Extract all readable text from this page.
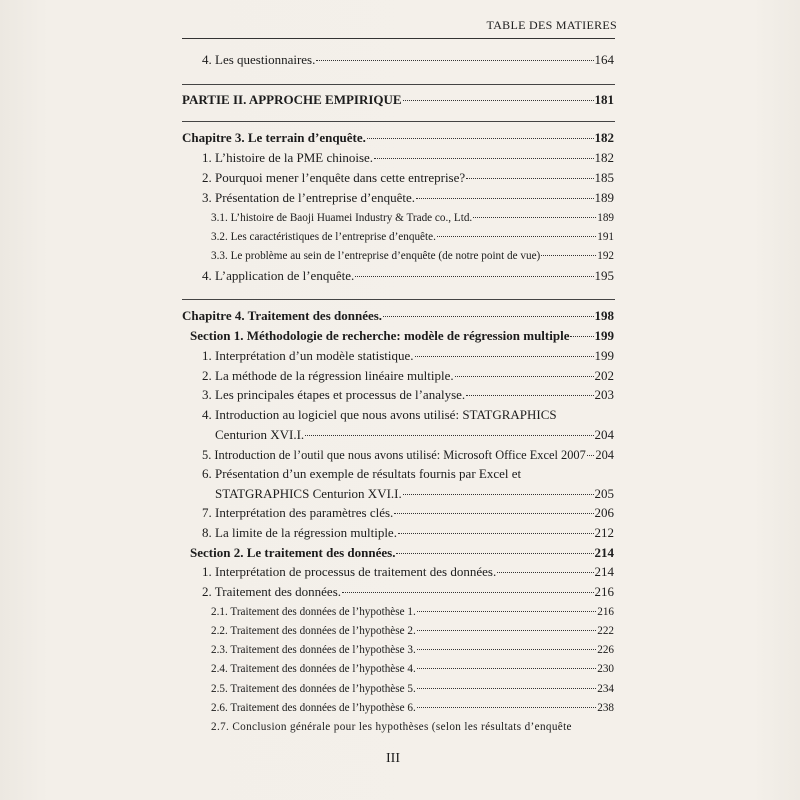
TABLE DES MATIERES
4. Les questionnaires.	164
PARTIE II. APPROCHE EMPIRIQUE	181
Chapitre 3. Le terrain d’enquête.	182
1. L’histoire de la PME chinoise.	182
2. Pourquoi mener l’enquête dans cette entreprise?	185
3. Présentation de l’entreprise d’enquête.	189
3.1. L’histoire de Baoji Huamei Industry & Trade co., Ltd.	189
3.2. Les caractéristiques de l’entreprise d’enquête.	191
3.3. Le problème au sein de l’entreprise d’enquête (de notre point de vue)	192
4. L’application de l’enquête.	195
Chapitre 4. Traitement des données.	198
Section 1. Méthodologie de recherche: modèle de régression multiple 199
1. Interprétation d’un modèle statistique.	199
2. La méthode de la régression linéaire multiple.	202
3. Les principales étapes et processus de l’analyse.	203
4. Introduction au logiciel que nous avons utilisé: STATGRAPHICS
Centurion XVI.I.	204
5. Introduction de l’outil que nous avons utilisé: Microsoft Office Excel 2007 204
6. Présentation d’un exemple de résultats fournis par Excel et
STATGRAPHICS Centurion XVI.I.	205
7. Interprétation des paramètres clés.	206
8. La limite de la régression multiple.	212
Section 2. Le traitement des données.	214
1. Interprétation de processus de traitement des données.	214
2. Traitement des données.	216
2.1. Traitement des données de l’hypothèse 1.	216
2.2. Traitement des données de l’hypothèse 2.	222
2.3. Traitement des données de l’hypothèse 3.	226
2.4. Traitement des données de l’hypothèse 4.	230
2.5. Traitement des données de l’hypothèse 5.	234
2.6. Traitement des données de l’hypothèse 6.	238
2.7. Conclusion générale pour les hypothèses (selon les résultats d’enquête
III
